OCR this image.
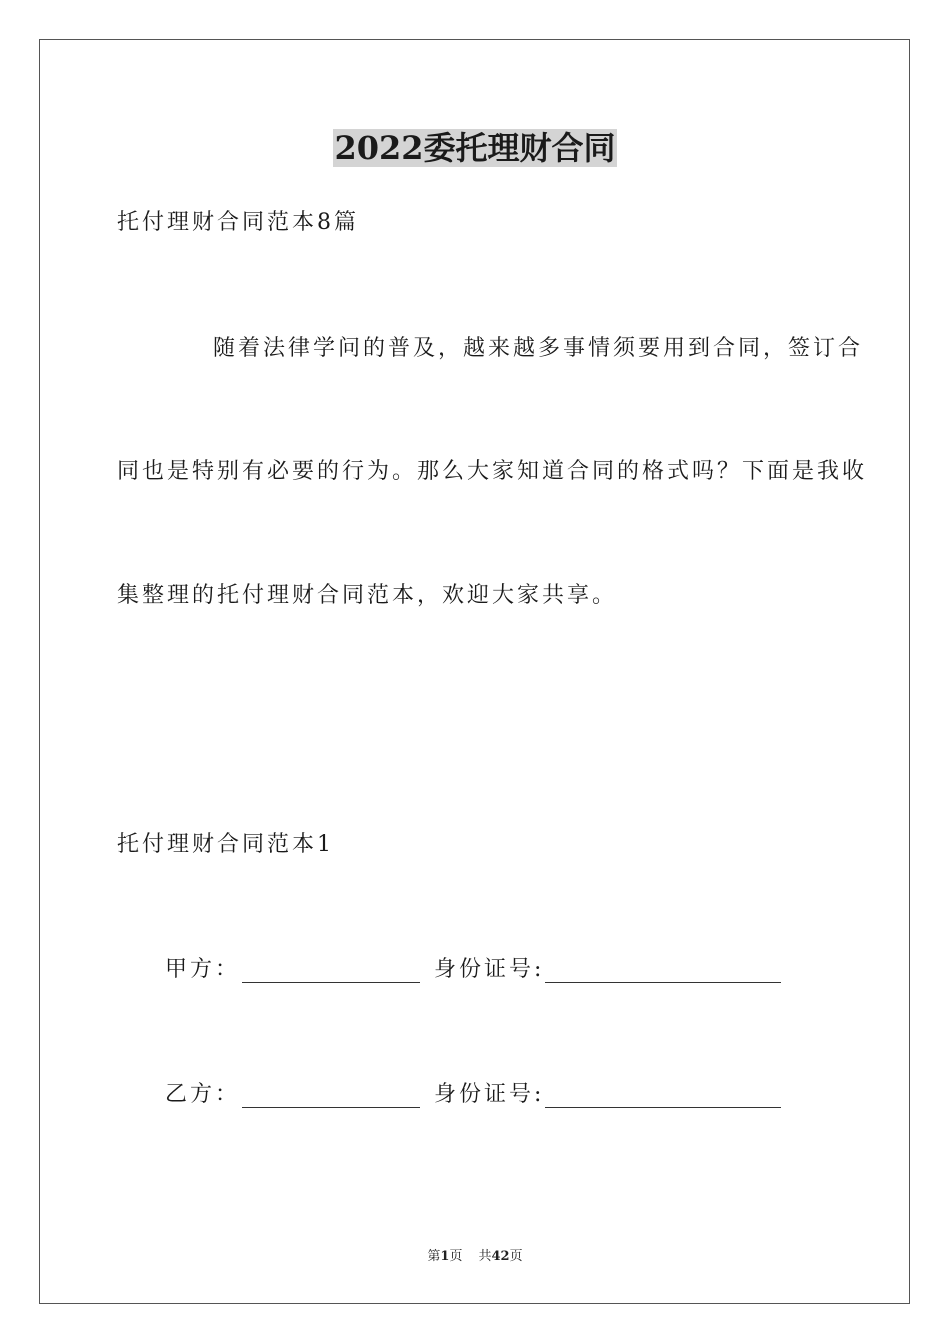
2022委托理财合同
托付理财合同范本8篇
随着法律学问的普及，越来越多事情须要用到合同，签订合
同也是特别有必要的行为。那么大家知道合同的格式吗？下面是我收
集整理的托付理财合同范本，欢迎大家共享。
托付理财合同范本1
甲方：	身份证号:
乙方：	身份证号:
第1页 共42页
